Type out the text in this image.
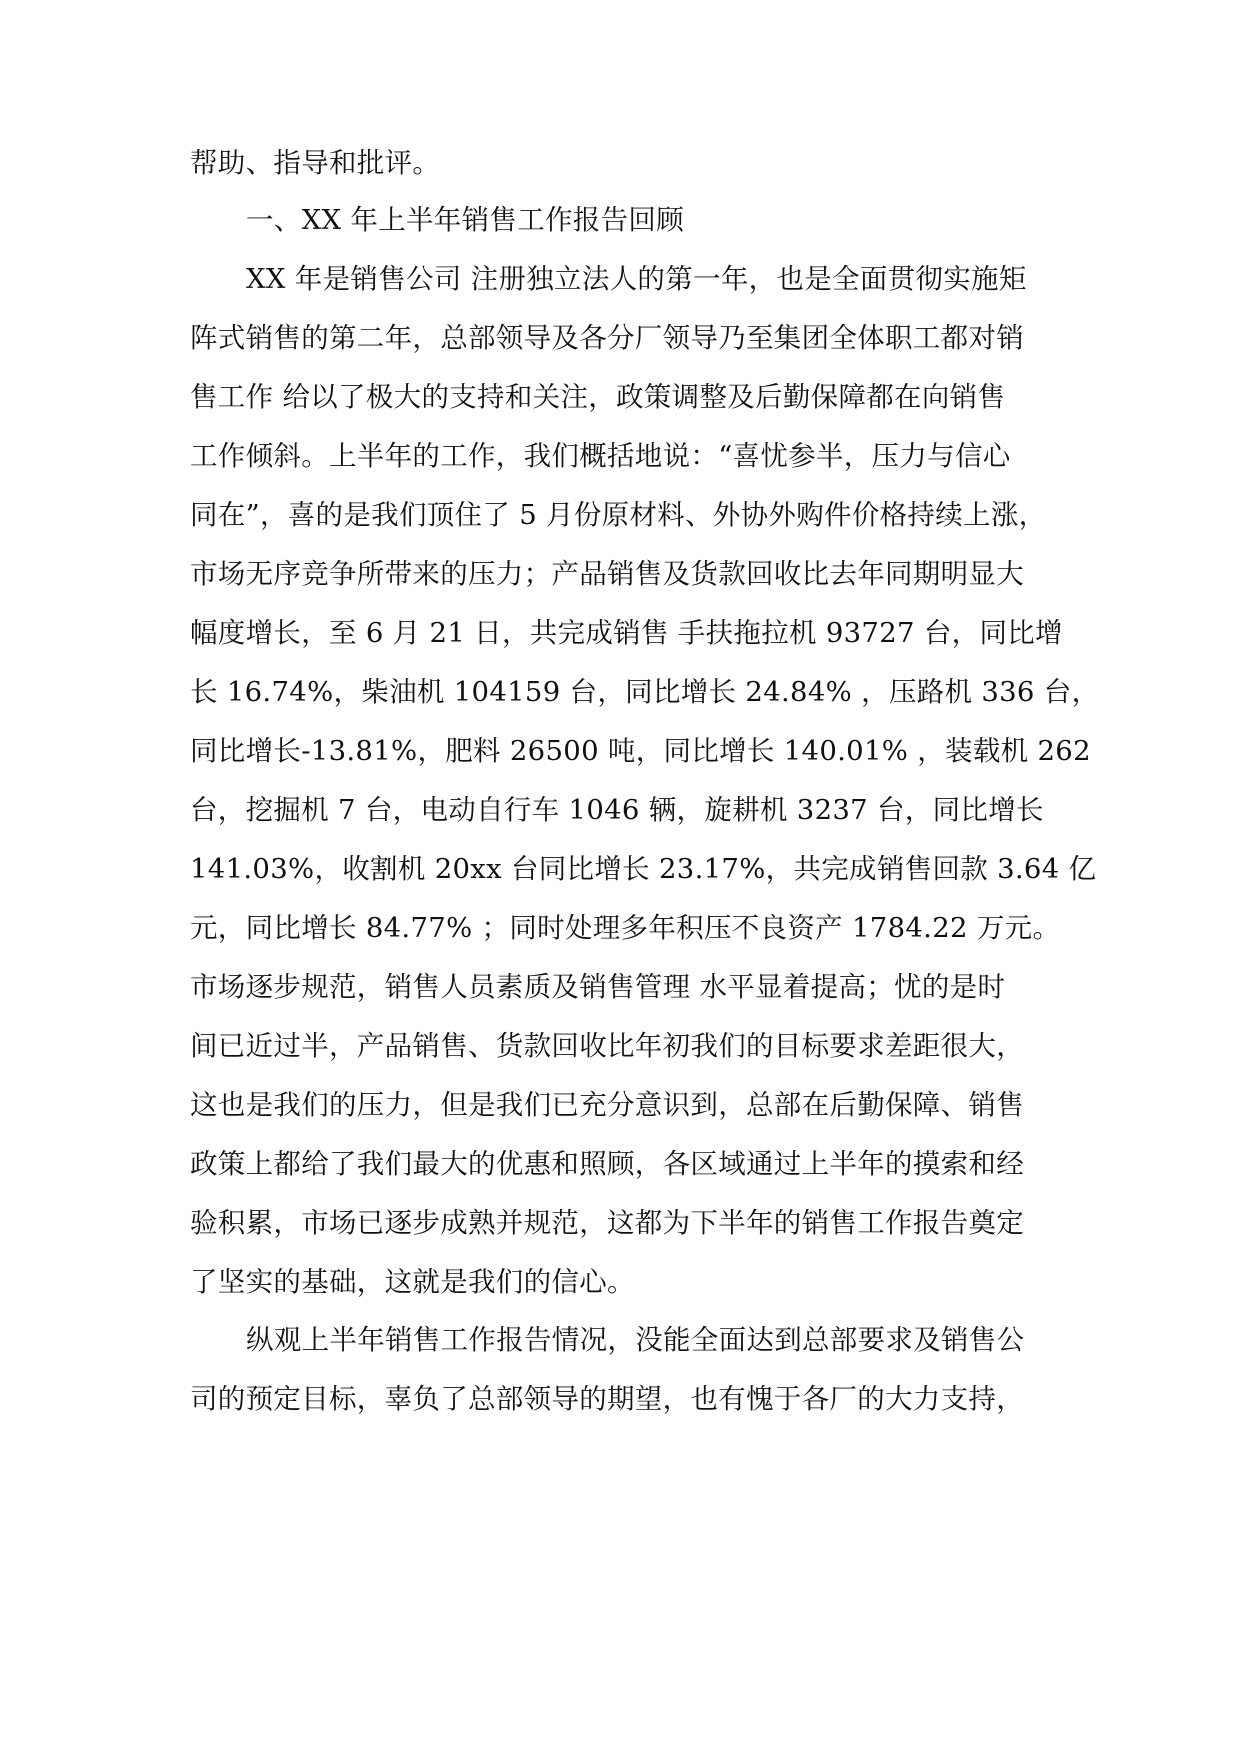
帮助、指导和批评。
一、XX 年上半年销售工作报告回顾
XX 年是销售公司 注册独立法人的第一年，也是全面贯彻实施矩
阵式销售的第二年，总部领导及各分厂领导乃至集团全体职工都对销
售工作 给以了极大的支持和关注，政策调整及后勤保障都在向销售
工作倾斜。上半年的工作，我们概括地说：“喜忧参半，压力与信心
同在”，喜的是我们顶住了 5 月份原材料、外协外购件价格持续上涨，
市场无序竞争所带来的压力；产品销售及货款回收比去年同期明显大
幅度增长，至 6 月 21 日，共完成销售 手扶拖拉机 93727 台，同比增
长 16.74%，柴油机 104159 台，同比增长 24.84% ，压路机 336 台，
同比增长-13.81%，肥料 26500 吨，同比增长 140.01% ，装载机 262
台，挖掘机 7 台，电动自行车 1046 辆，旋耕机 3237 台，同比增长
141.03%，收割机 20xx 台同比增长 23.17%，共完成销售回款 3.64 亿
元，同比增长 84.77% ；同时处理多年积压不良资产 1784.22 万元。
市场逐步规范，销售人员素质及销售管理 水平显着提高；忧的是时
间已近过半，产品销售、货款回收比年初我们的目标要求差距很大，
这也是我们的压力，但是我们已充分意识到，总部在后勤保障、销售
政策上都给了我们最大的优惠和照顾，各区域通过上半年的摸索和经
验积累，市场已逐步成熟并规范，这都为下半年的销售工作报告奠定
了坚实的基础，这就是我们的信心。
纵观上半年销售工作报告情况，没能全面达到总部要求及销售公
司的预定目标，辜负了总部领导的期望，也有愧于各厂的大力支持，
